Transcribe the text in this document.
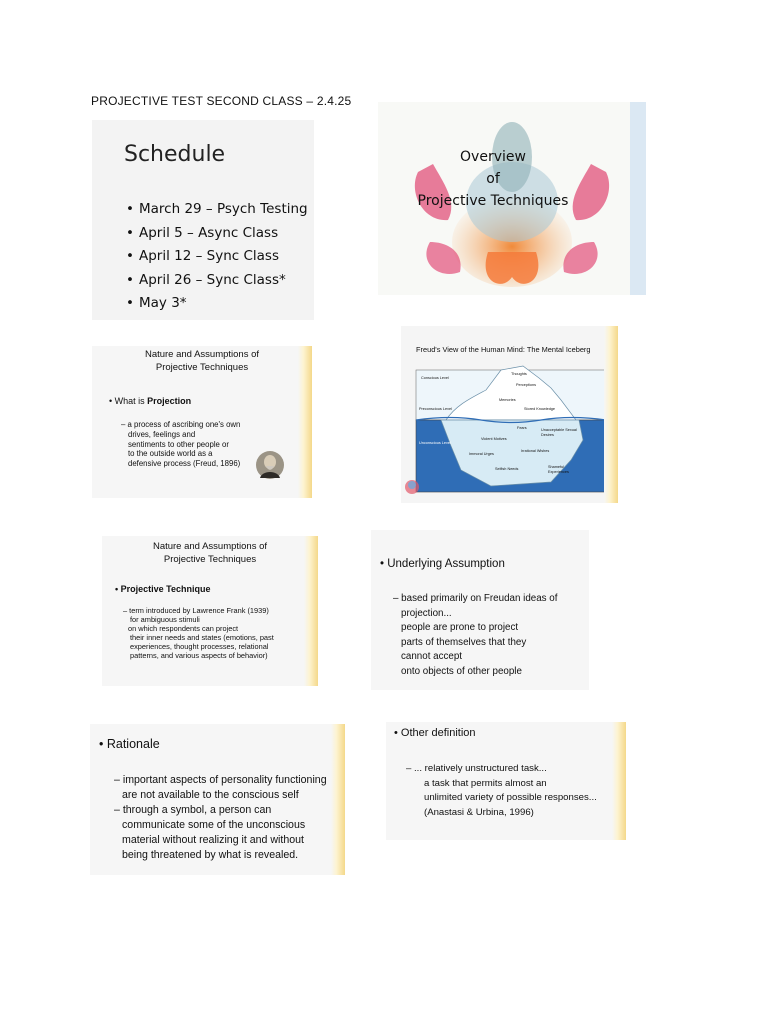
PROJECTIVE TEST SECOND CLASS – 2.4.25
Schedule
• March 29 – Psych Testing
• April 5 – Async Class
• April 12 – Sync Class
• April 26 – Sync Class*
• May 3*
Overview
of
Projective Techniques
Nature and Assumptions of
Projective Techniques
• What is Projection
– a process of ascribing one's own
drives, feelings and
sentiments to other people or
to the outside world as a
defensive process (Freud, 1896)
Freud's View of the Human Mind: The Mental Iceberg
Conscious Level
Thoughts
Perceptions
Memories
Preconscious Level	Stored Knowledge
Fears	Unacceptable Sexual Desires
Unconscious Level
Violent Motives
Irrational Wishes
Immoral Urges
Selfish Needs	Shameful Experiences
Nature and Assumptions of
Projective Techniques
• Projective Technique
– term introduced by Lawrence Frank (1939)
for ambiguous stimuli
on which respondents can project
their inner needs and states (emotions, past
experiences, thought processes, relational
patterns, and various aspects of behavior)
• Underlying Assumption
– based primarily on Freudan ideas of
projection...
people are prone to project
parts of themselves that they
cannot accept
onto objects of other people
• Rationale
– important aspects of personality functioning
are not available to the conscious self
– through a symbol, a person can
communicate some of the unconscious
material without realizing it and without
being threatened by what is revealed.
• Other definition
– ... relatively unstructured task...
a task that permits almost an
unlimited variety of possible responses...
(Anastasi & Urbina, 1996)
